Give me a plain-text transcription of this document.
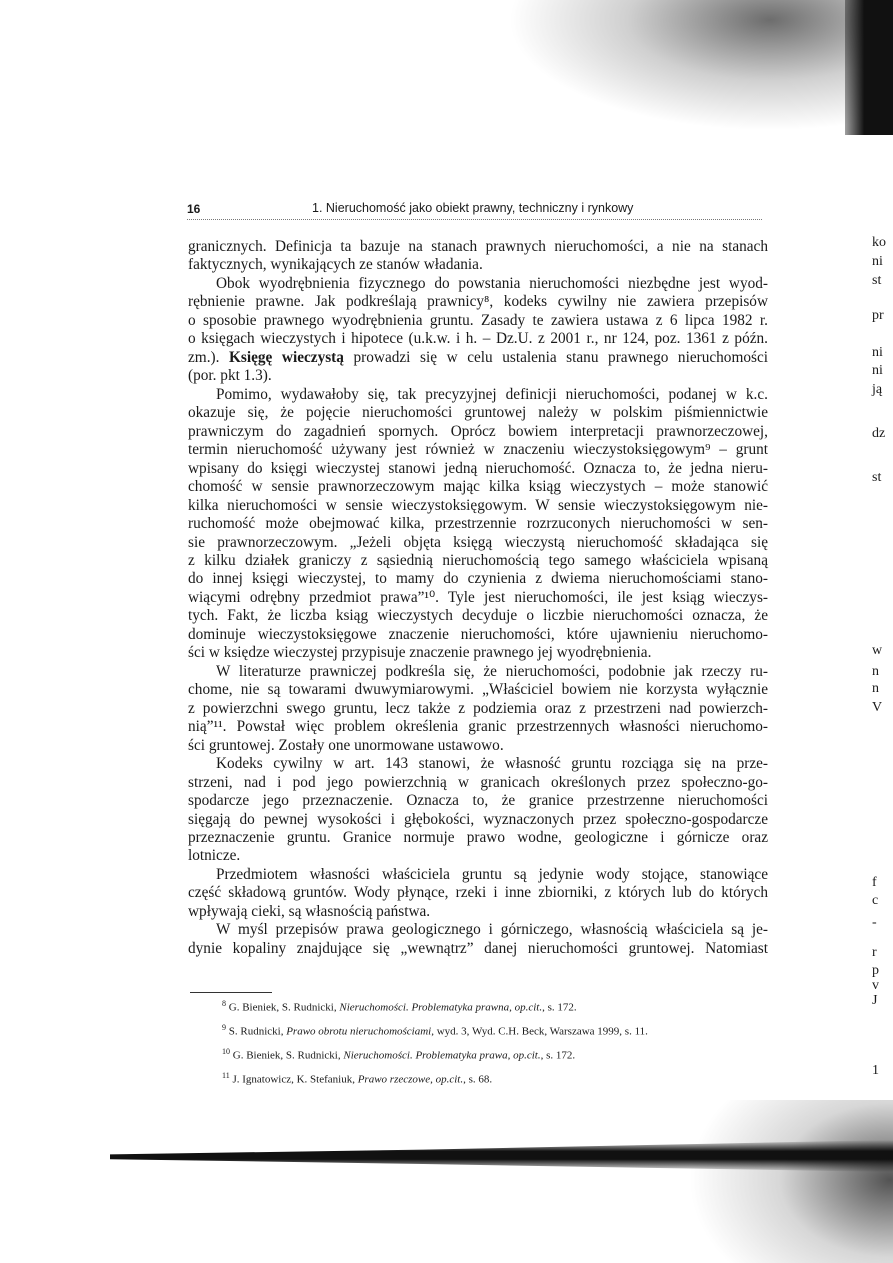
16	1. Nieruchomość jako obiekt prawny, techniczny i rynkowy
granicznych. Definicja ta bazuje na stanach prawnych nieruchomości, a nie na stanach
faktycznych, wynikających ze stanów władania.
Obok wyodrębnienia fizycznego do powstania nieruchomości niezbędne jest wyod-
rębnienie prawne. Jak podkreślają prawnicy⁸, kodeks cywilny nie zawiera przepisów
o sposobie prawnego wyodrębnienia gruntu. Zasady te zawiera ustawa z 6 lipca 1982 r.
o księgach wieczystych i hipotece (u.k.w. i h. – Dz.U. z 2001 r., nr 124, poz. 1361 z późn.
zm.). Księgę wieczystą prowadzi się w celu ustalenia stanu prawnego nieruchomości
(por. pkt 1.3).
Pomimo, wydawałoby się, tak precyzyjnej definicji nieruchomości, podanej w k.c.
okazuje się, że pojęcie nieruchomości gruntowej należy w polskim piśmiennictwie
prawniczym do zagadnień spornych. Oprócz bowiem interpretacji prawnorzeczowej,
termin nieruchomość używany jest również w znaczeniu wieczystoksięgowym⁹ – grunt
wpisany do księgi wieczystej stanowi jedną nieruchomość. Oznacza to, że jedna nieru-
chomość w sensie prawnorzeczowym mając kilka ksiąg wieczystych – może stanowić
kilka nieruchomości w sensie wieczystoksięgowym. W sensie wieczystoksięgowym nie-
ruchomość może obejmować kilka, przestrzennie rozrzuconych nieruchomości w sen-
sie prawnorzeczowym. „Jeżeli objęta księgą wieczystą nieruchomość składająca się
z kilku działek graniczy z sąsiednią nieruchomością tego samego właściciela wpisaną
do innej księgi wieczystej, to mamy do czynienia z dwiema nieruchomościami stano-
wiącymi odrębny przedmiot prawa”¹⁰. Tyle jest nieruchomości, ile jest ksiąg wieczys-
tych. Fakt, że liczba ksiąg wieczystych decyduje o liczbie nieruchomości oznacza, że
dominuje wieczystoksięgowe znaczenie nieruchomości, które ujawnieniu nieruchomo-
ści w księdze wieczystej przypisuje znaczenie prawnego jej wyodrębnienia.
W literaturze prawniczej podkreśla się, że nieruchomości, podobnie jak rzeczy ru-
chome, nie są towarami dwuwymiarowymi. „Właściciel bowiem nie korzysta wyłącznie
z powierzchni swego gruntu, lecz także z podziemia oraz z przestrzeni nad powierzch-
nią”¹¹. Powstał więc problem określenia granic przestrzennych własności nieruchomo-
ści gruntowej. Zostały one unormowane ustawowo.
Kodeks cywilny w art. 143 stanowi, że własność gruntu rozciąga się na prze-
strzeni, nad i pod jego powierzchnią w granicach określonych przez społeczno-go-
spodarcze jego przeznaczenie. Oznacza to, że granice przestrzenne nieruchomości
sięgają do pewnej wysokości i głębokości, wyznaczonych przez społeczno-gospodarcze
przeznaczenie gruntu. Granice normuje prawo wodne, geologiczne i górnicze oraz
lotnicze.
Przedmiotem własności właściciela gruntu są jedynie wody stojące, stanowiące
część składową gruntów. Wody płynące, rzeki i inne zbiorniki, z których lub do których
wpływają cieki, są własnością państwa.
W myśl przepisów prawa geologicznego i górniczego, własnością właściciela są je-
dynie kopaliny znajdujące się „wewnątrz” danej nieruchomości gruntowej. Natomiast
$^8$ G. Bieniek, S. Rudnicki, Nieruchomości. Problematyka prawna, op.cit., s. 172.
$^9$ S. Rudnicki, Prawo obrotu nieruchomościami, wyd. 3, Wyd. C.H. Beck, Warszawa 1999, s. 11.
$^{10}$ G. Bieniek, S. Rudnicki, Nieruchomości. Problematyka prawa, op.cit., s. 172.
$^{11}$ J. Ignatowicz, K. Stefaniuk, Prawo rzeczowe, op.cit., s. 68.
ko
ni
st
pr
ni
ni
ją
dz
st
w
n
n
V
f
c
-
r
p
v
J
1
